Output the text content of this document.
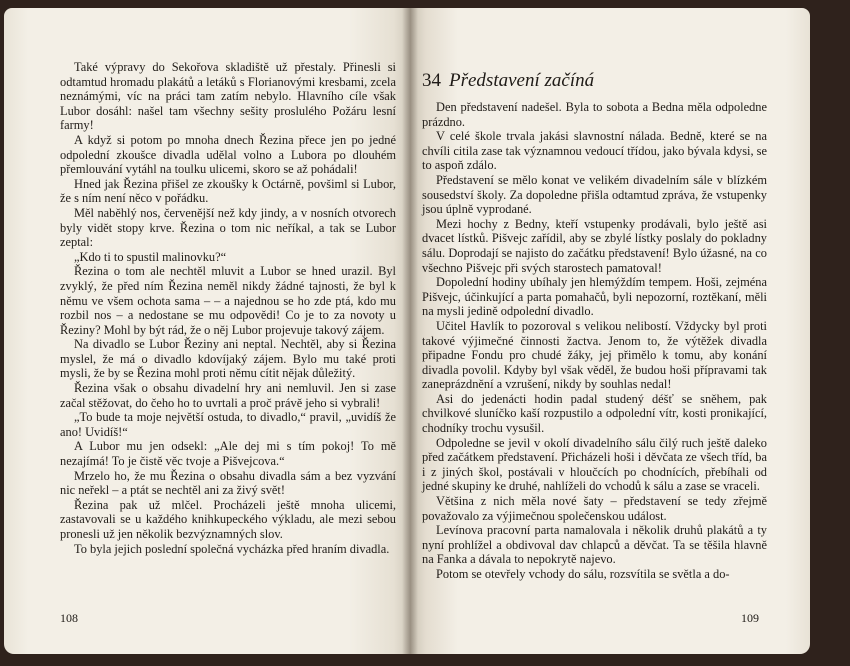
Také výpravy do Sekořova skladiště už přestaly. Přinesli si odtamtud hromadu plakátů a letáků s Florianovými kresbami, zcela neznámými, víc na práci tam zatím nebylo. Hlavního cíle však Lubor dosáhl: našel tam všechny sešity proslulého Požáru lesní farmy!

A když si potom po mnoha dnech Řezina přece jen po jedné odpolední zkoušce divadla udělal volno a Lubora po dlouhém přemlouvání vytáhl na toulku ulicemi, skoro se až pohádali!

Hned jak Řezina přišel ze zkoušky k Octárně, povšiml si Lubor, že s ním není něco v pořádku.

Měl naběhlý nos, červenější než kdy jindy, a v nosních otvorech byly vidět stopy krve. Řezina o tom nic neříkal, a tak se Lubor zeptal:

„Kdo ti to spustil malinovku?“

Řezina o tom ale nechtěl mluvit a Lubor se hned urazil. Byl zvyklý, že před ním Řezina neměl nikdy žádné tajnosti, že byl k němu ve všem ochota sama – – a najednou se ho zde ptá, kdo mu rozbil nos – a nedostane se mu odpovědi! Co je to za novoty u Řeziny? Mohl by být rád, že o něj Lubor projevuje takový zájem.

Na divadlo se Lubor Řeziny ani neptal. Nechtěl, aby si Řezina myslel, že má o divadlo kdovíjaký zájem. Bylo mu také proti mysli, že by se Řezina mohl proti němu cítit nějak důležitý.

Řezina však o obsahu divadelní hry ani nemluvil. Jen si zase začal stěžovat, do čeho ho to uvrtali a proč právě jeho si vybrali!

„To bude ta moje největší ostuda, to divadlo,“ pravil, „uvidíš že ano! Uvidíš!“

A Lubor mu jen odsekl: „Ale dej mi s tím pokoj! To mě nezajímá! To je čistě věc tvoje a Pišvejcova.“

Mrzelo ho, že mu Řezina o obsahu divadla sám a bez vyzvání nic neřekl – a ptát se nechtěl ani za živý svět!

Řezina pak už mlčel. Procházeli ještě mnoha ulicemi, zastavovali se u každého knihkupeckého výkladu, ale mezi sebou pronesli už jen několik bezvýznamných slov.

To byla jejich poslední společná vycházka před hraním divadla.

108
34 Představení začíná

Den představení nadešel. Byla to sobota a Bedna měla odpoledne prázdno.

V celé škole trvala jakási slavnostní nálada. Bedně, které se na chvíli citila zase tak významnou vedoucí třídou, jako bývala kdysi, se to aspoň zdálo.

Představení se mělo konat ve velikém divadelním sále v blízkém sousedství školy. Za dopoledne přišla odtamtud zpráva, že vstupenky jsou úplně vyprodané.

Mezi hochy z Bedny, kteří vstupenky prodávali, bylo ještě asi dvacet lístků. Pišvejc zařídil, aby se zbylé lístky poslaly do pokladny sálu. Doprodají se najisto do začátku představení! Bylo úžasné, na co všechno Pišvejc při svých starostech pamatoval!

Dopolední hodiny ubíhaly jen hlemýždím tempem. Hoši, zejména Pišvejc, účinkující a parta pomahačů, byli nepozorní, roztěkaní, měli na mysli jedině odpolední divadlo.

Učitel Havlík to pozoroval s velikou nelibostí. Vždycky byl proti takové výjimečné činnosti žactva. Jenom to, že výtěžek divadla připadne Fondu pro chudé žáky, jej přimělo k tomu, aby konání divadla povolil. Kdyby byl však věděl, že budou hoši přípravami tak zaneprázdnění a vzrušení, nikdy by souhlas nedal!

Asi do jedenácti hodin padal studený déšť se sněhem, pak chvilkové sluníčko kaší rozpustilo a odpolední vítr, kosti pronikající, chodníky trochu vysušil.

Odpoledne se jevil v okolí divadelního sálu čilý ruch ještě daleko před začátkem představení. Přicházeli hoši i děvčata ze všech tříd, ba i z jiných škol, postávali v hloučcích po chodnících, přebíhali od jedné skupiny ke druhé, nahlíželi do vchodů k sálu a zase se vraceli.

Většina z nich měla nové šaty – představení se tedy zřejmě považovalo za výjimečnou společenskou událost.

Levínova pracovní parta namalovala i několik druhů plakátů a ty nyní prohlížel a obdivoval dav chlapců a děvčat. Ta se těšila hlavně na Fanka a dávala to nepokrytě najevo.

Potom se otevřely vchody do sálu, rozsvítila se světla a do-

109
